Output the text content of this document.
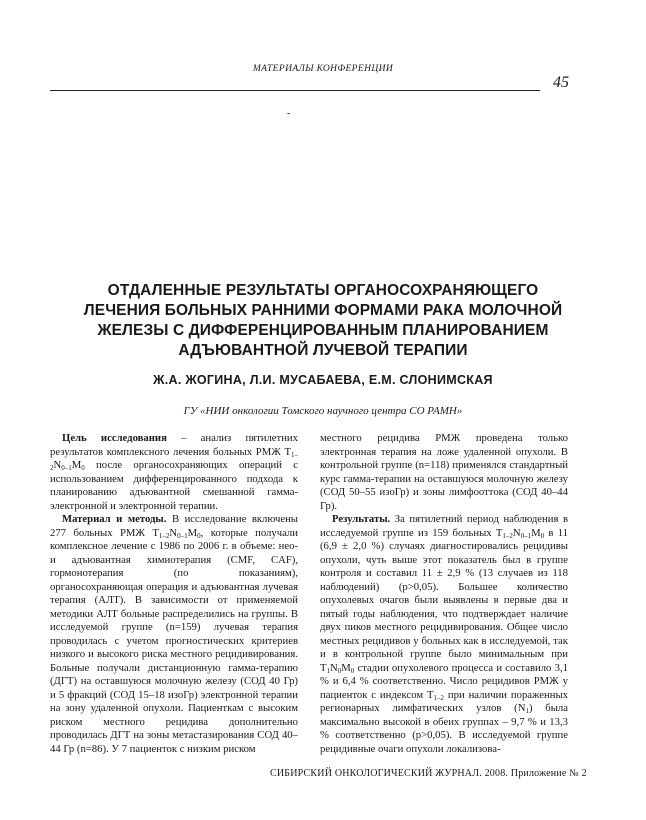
МАТЕРИАЛЫ КОНФЕРЕНЦИИ
45
-
ОТДАЛЕННЫЕ РЕЗУЛЬТАТЫ ОРГАНОСОХРАНЯЮЩЕГО
ЛЕЧЕНИЯ БОЛЬНЫХ РАННИМИ ФОРМАМИ РАКА МОЛОЧНОЙ
ЖЕЛЕЗЫ С ДИФФЕРЕНЦИРОВАННЫМ ПЛАНИРОВАНИЕМ
АДЪЮВАНТНОЙ ЛУЧЕВОЙ ТЕРАПИИ
Ж.А. ЖОГИНА, Л.И. МУСАБАЕВА, Е.М. СЛОНИМСКАЯ
ГУ «НИИ онкологии Томского научного центра СО РАМН»

Цель исследования – анализ пятилетних результатов комплексного лечения больных РМЖ $T_{1-2}N_{0-1}M_0$ после органосохраняющих операций с использованием дифференцированного подхода к планированию адъювантной смешанной гамма-электронной и электронной терапии.

Материал и методы. В исследование включены 277 больных РМЖ $T_{1-2}N_{0-1}M_0$, которые получали комплексное лечение с 1986 по 2006 г. в объеме: нео- и адъювантная химиотерапия (CMF, CAF), гормонотерапия (по показаниям), органосохраняющая операция и адъювантная лучевая терапия (АЛТ). В зависимости от применяемой методики АЛТ больные распределились на группы. В исследуемой группе (n=159) лучевая терапия проводилась с учетом прогностических критериев низкого и высокого риска местного рецидивирования. Больные получали дистанционную гамма-терапию (ДГТ) на оставшуюся молочную железу (СОД 40 Гр) и 5 фракций (СОД 15–18 изоГр) электронной терапии на зону удаленной опухоли. Пациенткам с высоким риском местного рецидива дополнительно проводилась ДГТ на зоны метастазирования СОД 40–44 Гр (n=86). У 7 пациенток с низким риском

местного рецидива РМЖ проведена только электронная терапия на ложе удаленной опухоли. В контрольной группе (n=118) применялся стандартный курс гамма-терапии на оставшуюся молочную железу (СОД 50–55 изоГр) и зоны лимфооттока (СОД 40–44 Гр).

Результаты. За пятилетний период наблюдения в исследуемой группе из 159 больных $T_{1-2}N_{0-1}M_0$ в 11 (6,9 ± 2,0 %) случаях диагностировались рецидивы опухоли, чуть выше этот показатель был в группе контроля и составил 11 ± 2,9 % (13 случаев из 118 наблюдений) (p>0,05). Большее количество опухолевых очагов были выявлены в первые два и пятый годы наблюдения, что подтверждает наличие двух пиков местного рецидивирования. Общее число местных рецидивов у больных как в исследуемой, так и в контрольной группе было минимальным при $T_1N_0M_0$ стадии опухолевого процесса и составило 3,1 % и 6,4 % соответственно. Число рецидивов РМЖ у пациенток с индексом $T_{1-2}$ при наличии пораженных регионарных лимфатических узлов $(N_1)$ была максимально высокой в обеих группах – 9,7 % и 13,3 % соответственно (p>0,05). В исследуемой группе рецидивные очаги опухоли локализова-

СИБИРСКИЙ ОНКОЛОГИЧЕСКИЙ ЖУРНАЛ. 2008. Приложение № 2
